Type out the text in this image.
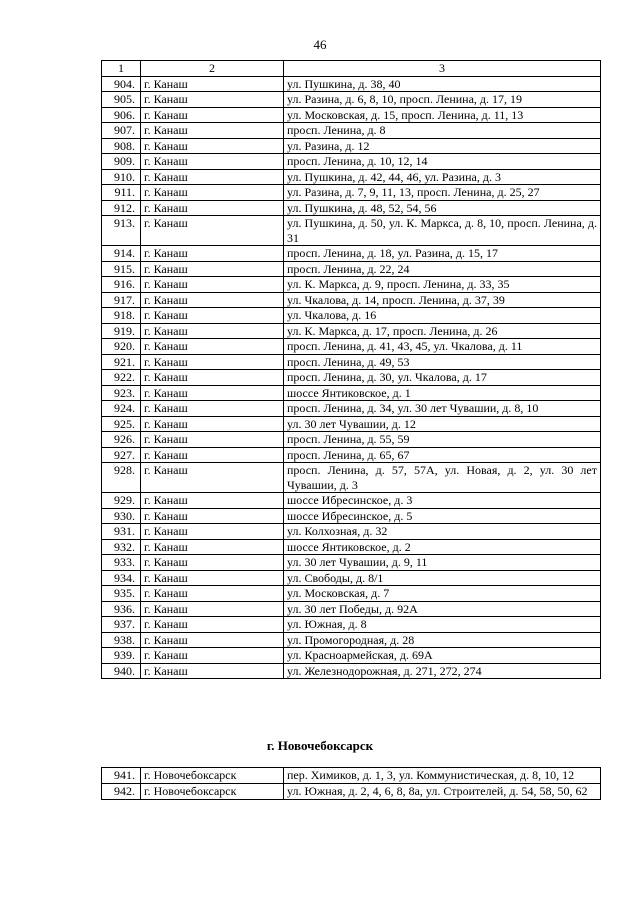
46
1	2	3
904.	г. Канаш	ул. Пушкина, д. 38, 40
905.	г. Канаш	ул. Разина, д. 6, 8, 10, просп. Ленина, д. 17, 19
906.	г. Канаш	ул. Московская, д. 15, просп. Ленина, д. 11, 13
907.	г. Канаш	просп. Ленина, д. 8
908.	г. Канаш	ул. Разина, д. 12
909.	г. Канаш	просп. Ленина, д. 10, 12, 14
910.	г. Канаш	ул. Пушкина, д. 42, 44, 46, ул. Разина, д. 3
911.	г. Канаш	ул. Разина, д. 7, 9, 11, 13, просп. Ленина, д. 25, 27
912.	г. Канаш	ул. Пушкина, д. 48, 52, 54, 56
913.	г. Канаш	ул. Пушкина, д. 50, ул. К. Маркса, д. 8, 10, просп. Ленина, д. 31
914.	г. Канаш	просп. Ленина, д. 18, ул. Разина, д. 15, 17
915.	г. Канаш	просп. Ленина, д. 22, 24
916.	г. Канаш	ул. К. Маркса, д. 9, просп. Ленина, д. 33, 35
917.	г. Канаш	ул. Чкалова, д. 14, просп. Ленина, д. 37, 39
918.	г. Канаш	ул. Чкалова, д. 16
919.	г. Канаш	ул. К. Маркса, д. 17, просп. Ленина, д. 26
920.	г. Канаш	просп. Ленина, д. 41, 43, 45, ул. Чкалова, д. 11
921.	г. Канаш	просп. Ленина, д. 49, 53
922.	г. Канаш	просп. Ленина, д. 30, ул. Чкалова, д. 17
923.	г. Канаш	шоссе Янтиковское, д. 1
924.	г. Канаш	просп. Ленина, д. 34, ул. 30 лет Чувашии, д. 8, 10
925.	г. Канаш	ул. 30 лет Чувашии, д. 12
926.	г. Канаш	просп. Ленина, д. 55, 59
927.	г. Канаш	просп. Ленина, д. 65, 67
928.	г. Канаш	просп. Ленина, д. 57, 57А, ул. Новая, д. 2, ул. 30 лет Чувашии, д. 3
929.	г. Канаш	шоссе Ибресинское, д. 3
930.	г. Канаш	шоссе Ибресинское, д. 5
931.	г. Канаш	ул. Колхозная, д. 32
932.	г. Канаш	шоссе Янтиковское, д. 2
933.	г. Канаш	ул. 30 лет Чувашии, д. 9, 11
934.	г. Канаш	ул. Свободы, д. 8/1
935.	г. Канаш	ул. Московская, д. 7
936.	г. Канаш	ул. 30 лет Победы, д. 92А
937.	г. Канаш	ул. Южная, д. 8
938.	г. Канаш	ул. Промогородная, д. 28
939.	г. Канаш	ул. Красноармейская, д. 69А
940.	г. Канаш	ул. Железнодорожная, д. 271, 272, 274
г. Новочебоксарск
941.	г. Новочебоксарск	пер. Химиков, д. 1, 3, ул. Коммунистическая, д. 8, 10, 12
942.	г. Новочебоксарск	ул. Южная, д. 2, 4, 6, 8, 8а, ул. Строителей, д. 54, 58, 50, 62
